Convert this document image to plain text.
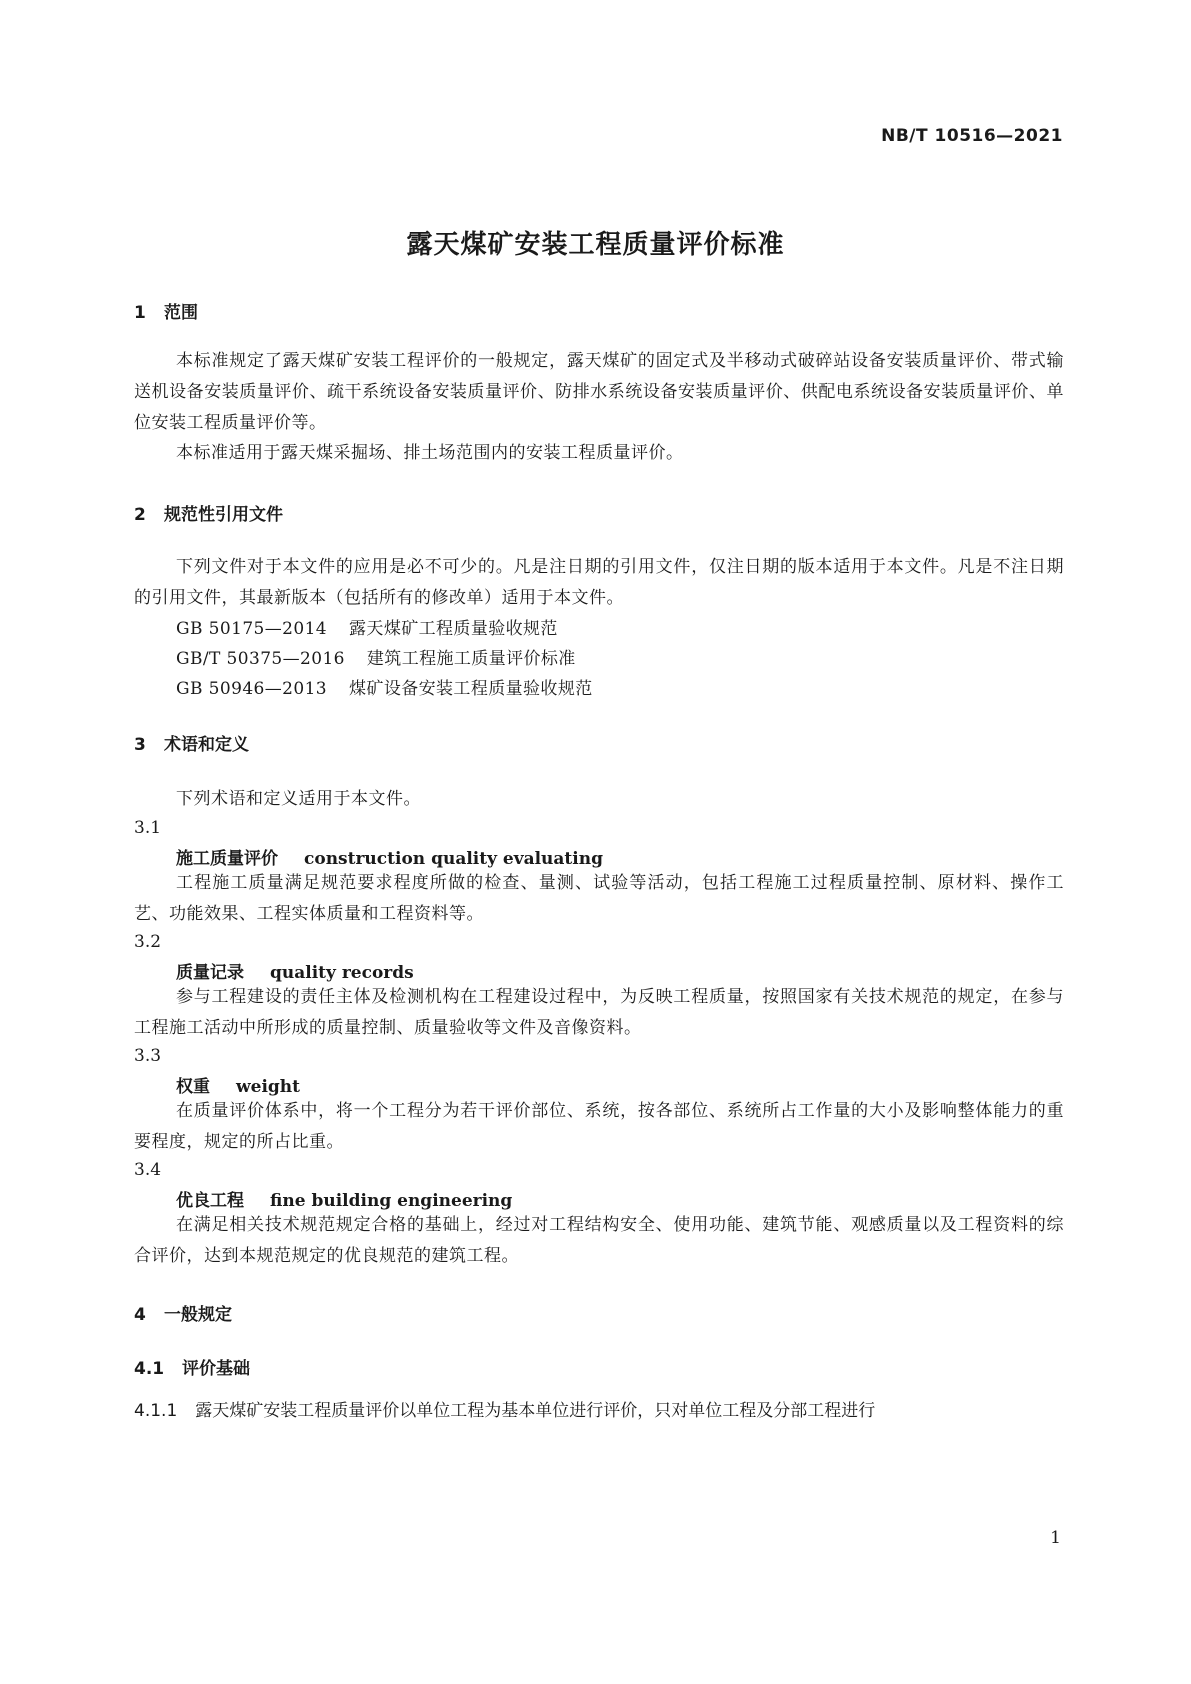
NB/T 10516—2021
露天煤矿安装工程质量评价标准
1 范围
本标准规定了露天煤矿安装工程评价的一般规定，露天煤矿的固定式及半移动式破碎站设备安装质量评价、带式输送机设备安装质量评价、疏干系统设备安装质量评价、防排水系统设备安装质量评价、供配电系统设备安装质量评价、单位安装工程质量评价等。
本标准适用于露天煤采掘场、排土场范围内的安装工程质量评价。
2 规范性引用文件
下列文件对于本文件的应用是必不可少的。凡是注日期的引用文件，仅注日期的版本适用于本文件。凡是不注日期的引用文件，其最新版本（包括所有的修改单）适用于本文件。
GB 50175—2014 露天煤矿工程质量验收规范
GB/T 50375—2016 建筑工程施工质量评价标准
GB 50946—2013 煤矿设备安装工程质量验收规范
3 术语和定义
下列术语和定义适用于本文件。
3.1
施工质量评价 construction quality evaluating
工程施工质量满足规范要求程度所做的检查、量测、试验等活动，包括工程施工过程质量控制、原材料、操作工艺、功能效果、工程实体质量和工程资料等。
3.2
质量记录 quality records
参与工程建设的责任主体及检测机构在工程建设过程中，为反映工程质量，按照国家有关技术规范的规定，在参与工程施工活动中所形成的质量控制、质量验收等文件及音像资料。
3.3
权重 weight
在质量评价体系中，将一个工程分为若干评价部位、系统，按各部位、系统所占工作量的大小及影响整体能力的重要程度，规定的所占比重。
3.4
优良工程 fine building engineering
在满足相关技术规范规定合格的基础上，经过对工程结构安全、使用功能、建筑节能、观感质量以及工程资料的综合评价，达到本规范规定的优良规范的建筑工程。
4 一般规定
4.1 评价基础
4.1.1 露天煤矿安装工程质量评价以单位工程为基本单位进行评价，只对单位工程及分部工程进行
1
